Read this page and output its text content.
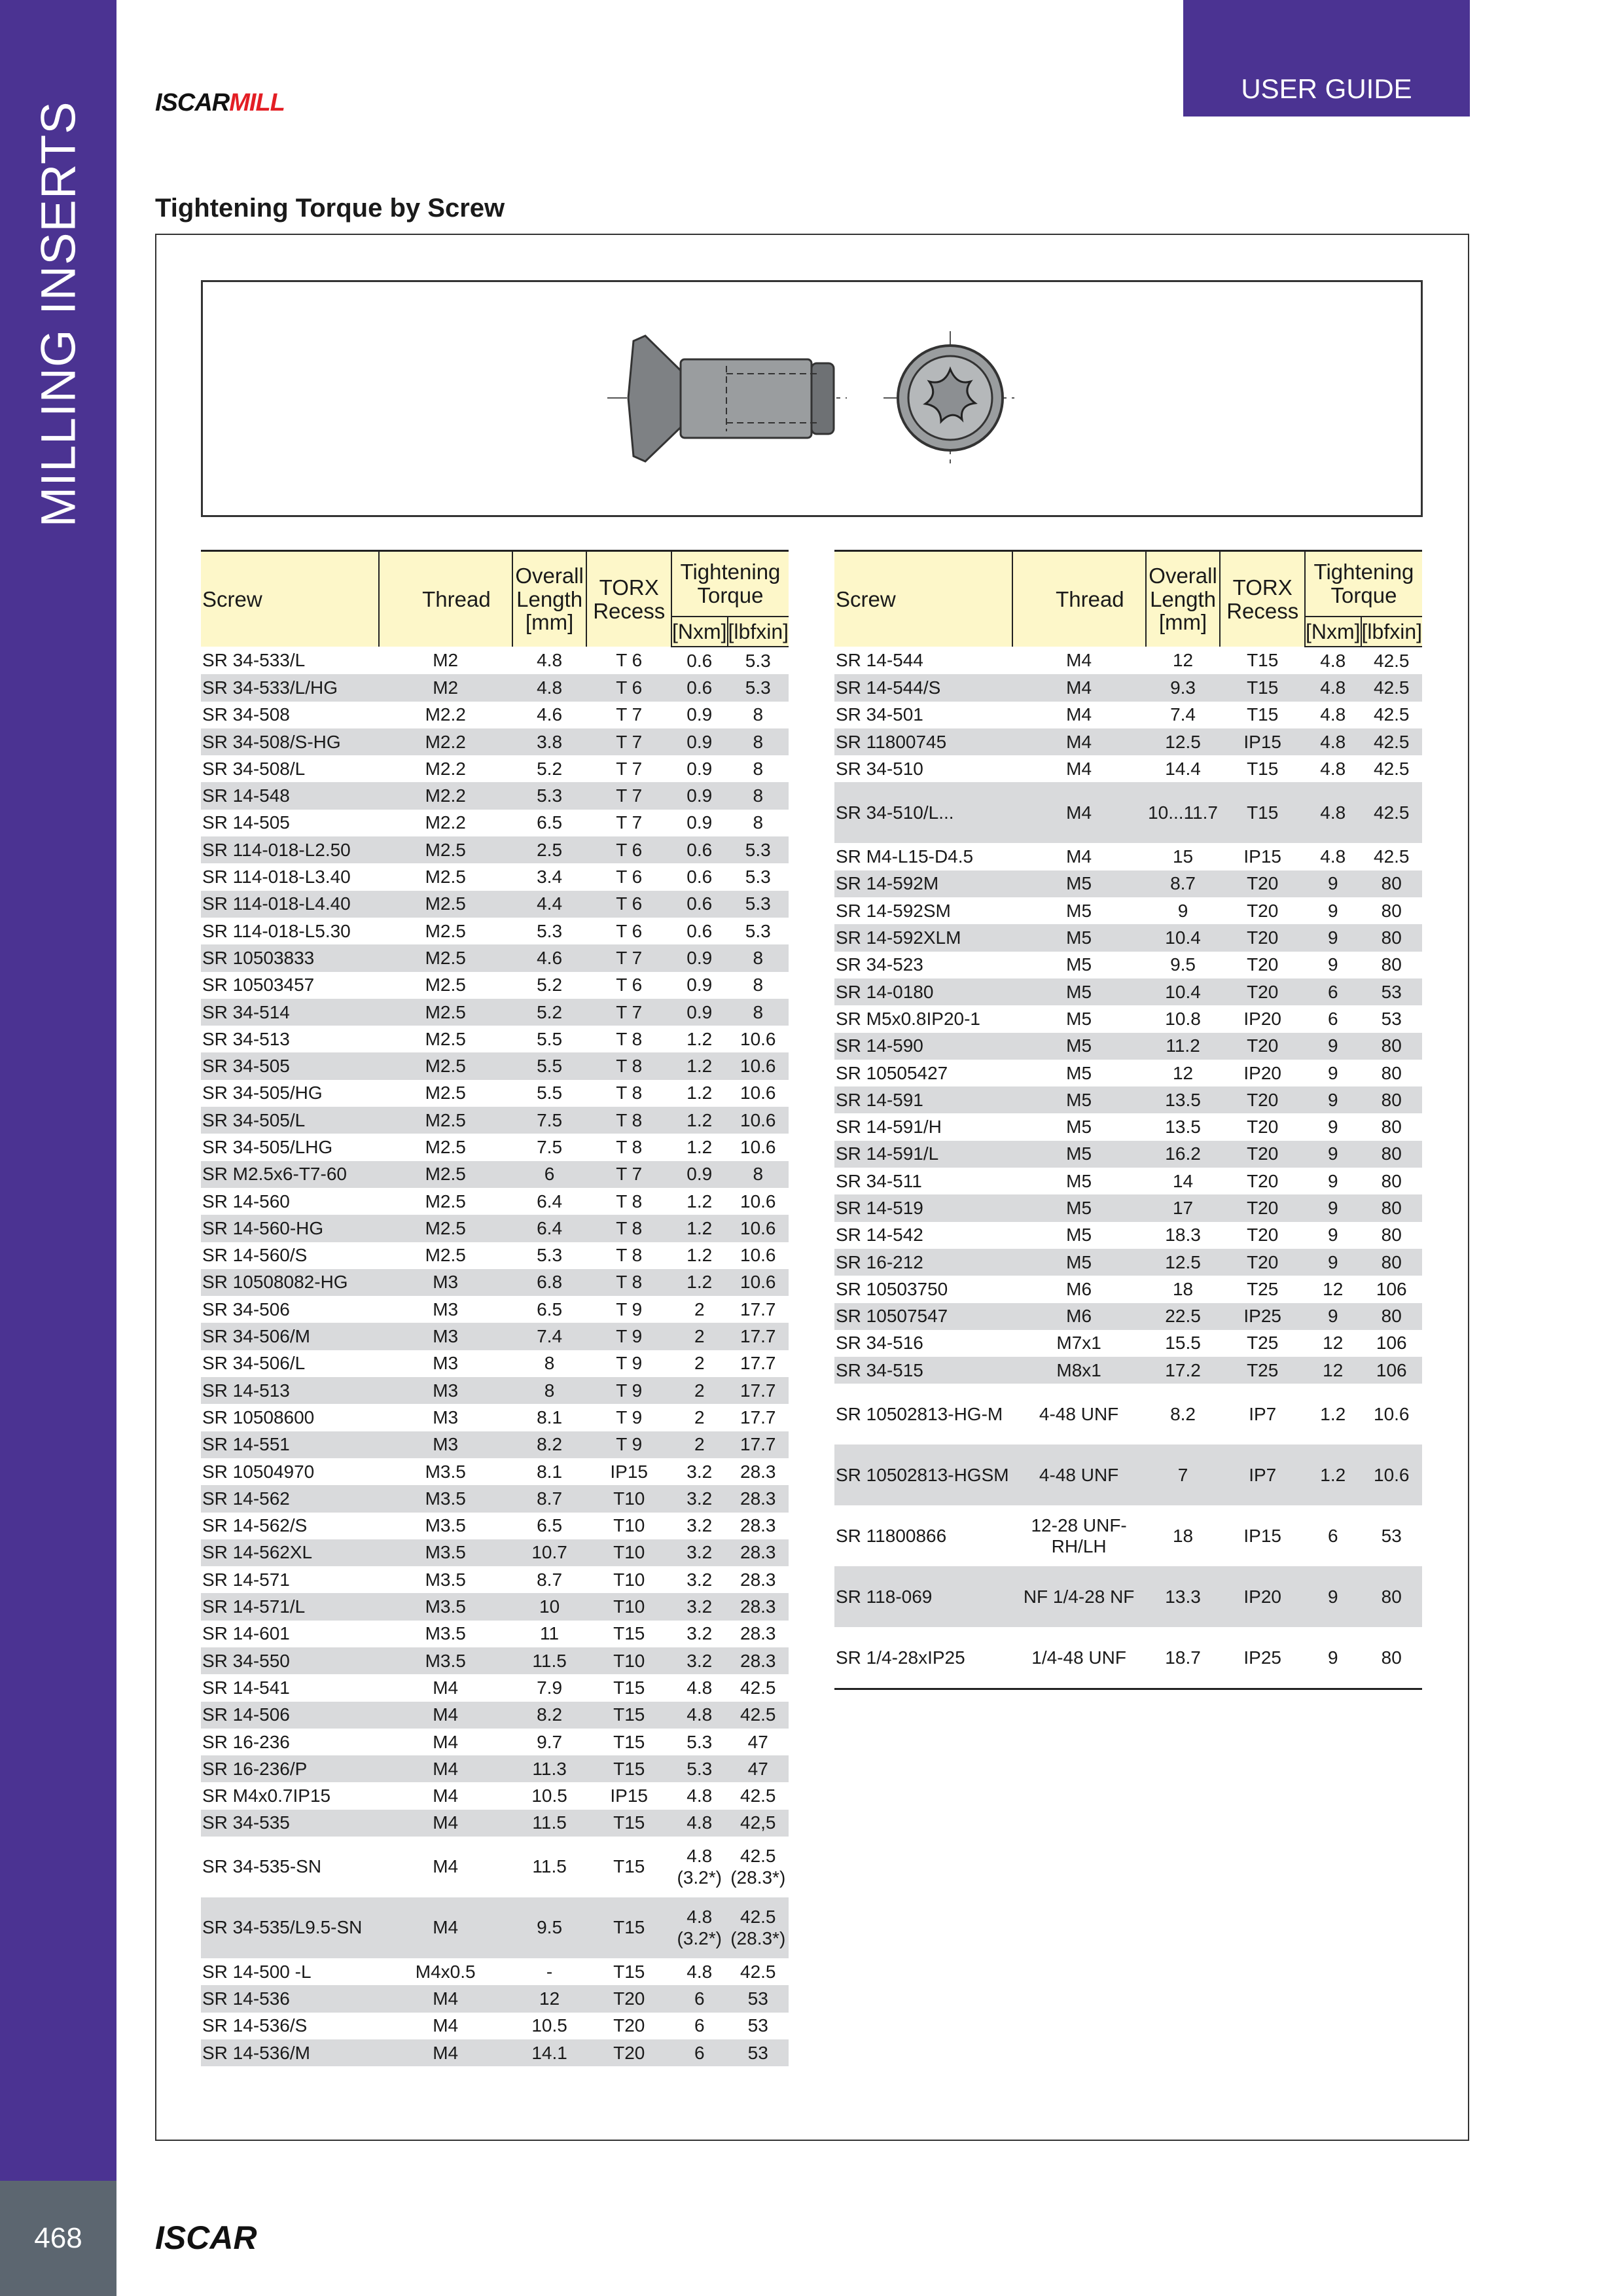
MILLING INSERTS
468	ISCAR
ISCARMILL	USER GUIDE
Tightening Torque by Screw
Screw	Thread	Overall Length [mm]	TORX Recess	Tightening Torque	
				[Nxm]	[lbfxin]
SR 34-533/L	M2	4.8	T 6	0.6	5.3
SR 34-533/L/HG	M2	4.8	T 6	0.6	5.3
SR 34-508	M2.2	4.6	T 7	0.9	8
SR 34-508/S-HG	M2.2	3.8	T 7	0.9	8
SR 34-508/L	M2.2	5.2	T 7	0.9	8
SR 14-548	M2.2	5.3	T 7	0.9	8
SR 14-505	M2.2	6.5	T 7	0.9	8
SR 114-018-L2.50	M2.5	2.5	T 6	0.6	5.3
SR 114-018-L3.40	M2.5	3.4	T 6	0.6	5.3
SR 114-018-L4.40	M2.5	4.4	T 6	0.6	5.3
SR 114-018-L5.30	M2.5	5.3	T 6	0.6	5.3
SR 10503833	M2.5	4.6	T 7	0.9	8
SR 10503457	M2.5	5.2	T 6	0.9	8
SR 34-514	M2.5	5.2	T 7	0.9	8
SR 34-513	M2.5	5.5	T 8	1.2	10.6
SR 34-505	M2.5	5.5	T 8	1.2	10.6
SR 34-505/HG	M2.5	5.5	T 8	1.2	10.6
SR 34-505/L	M2.5	7.5	T 8	1.2	10.6
SR 34-505/LHG	M2.5	7.5	T 8	1.2	10.6
SR M2.5x6-T7-60	M2.5	6	T 7	0.9	8
SR 14-560	M2.5	6.4	T 8	1.2	10.6
SR 14-560-HG	M2.5	6.4	T 8	1.2	10.6
SR 14-560/S	M2.5	5.3	T 8	1.2	10.6
SR 10508082-HG	M3	6.8	T 8	1.2	10.6
SR 34-506	M3	6.5	T 9	2	17.7
SR 34-506/M	M3	7.4	T 9	2	17.7
SR 34-506/L	M3	8	T 9	2	17.7
SR 14-513	M3	8	T 9	2	17.7
SR 10508600	M3	8.1	T 9	2	17.7
SR 14-551	M3	8.2	T 9	2	17.7
SR 10504970	M3.5	8.1	IP15	3.2	28.3
SR 14-562	M3.5	8.7	T10	3.2	28.3
SR 14-562/S	M3.5	6.5	T10	3.2	28.3
SR 14-562XL	M3.5	10.7	T10	3.2	28.3
SR 14-571	M3.5	8.7	T10	3.2	28.3
SR 14-571/L	M3.5	10	T10	3.2	28.3
SR 14-601	M3.5	11	T15	3.2	28.3
SR 34-550	M3.5	11.5	T10	3.2	28.3
SR 14-541	M4	7.9	T15	4.8	42.5
SR 14-506	M4	8.2	T15	4.8	42.5
SR 16-236	M4	9.7	T15	5.3	47
SR 16-236/P	M4	11.3	T15	5.3	47
SR M4x0.7IP15	M4	10.5	IP15	4.8	42.5
SR 34-535	M4	11.5	T15	4.8	42,5
SR 34-535-SN	M4	11.5	T15	4.8 (3.2*)	42.5 (28.3*)
SR 34-535/L9.5-SN	M4	9.5	T15	4.8 (3.2*)	42.5 (28.3*)
SR 14-500 -L	M4x0.5	-	T15	4.8	42.5
SR 14-536	M4	12	T20	6	53
SR 14-536/S	M4	10.5	T20	6	53
SR 14-536/M	M4	14.1	T20	6	53
Screw	Thread	Overall Length [mm]	TORX Recess	Tightening Torque	
				[Nxm]	[lbfxin]
SR 14-544	M4	12	T15	4.8	42.5
SR 14-544/S	M4	9.3	T15	4.8	42.5
SR 34-501	M4	7.4	T15	4.8	42.5
SR 11800745	M4	12.5	IP15	4.8	42.5
SR 34-510	M4	14.4	T15	4.8	42.5
SR 34-510/L...	M4	10...11.7	T15	4.8	42.5
SR M4-L15-D4.5	M4	15	IP15	4.8	42.5
SR 14-592M	M5	8.7	T20	9	80
SR 14-592SM	M5	9	T20	9	80
SR 14-592XLM	M5	10.4	T20	9	80
SR 34-523	M5	9.5	T20	9	80
SR 14-0180	M5	10.4	T20	6	53
SR M5x0.8IP20-1	M5	10.8	IP20	6	53
SR 14-590	M5	11.2	T20	9	80
SR 10505427	M5	12	IP20	9	80
SR 14-591	M5	13.5	T20	9	80
SR 14-591/H	M5	13.5	T20	9	80
SR 14-591/L	M5	16.2	T20	9	80
SR 34-511	M5	14	T20	9	80
SR 14-519	M5	17	T20	9	80
SR 14-542	M5	18.3	T20	9	80
SR 16-212	M5	12.5	T20	9	80
SR 10503750	M6	18	T25	12	106
SR 10507547	M6	22.5	IP25	9	80
SR 34-516	M7x1	15.5	T25	12	106
SR 34-515	M8x1	17.2	T25	12	106
SR 10502813-HG-M	4-48 UNF	8.2	IP7	1.2	10.6
SR 10502813-HGSM	4-48 UNF	7	IP7	1.2	10.6
SR 11800866	12-28 UNF-RH/LH	18	IP15	6	53
SR 118-069	NF 1/4-28 NF	13.3	IP20	9	80
SR 1/4-28xIP25	1/4-48 UNF	18.7	IP25	9	80
